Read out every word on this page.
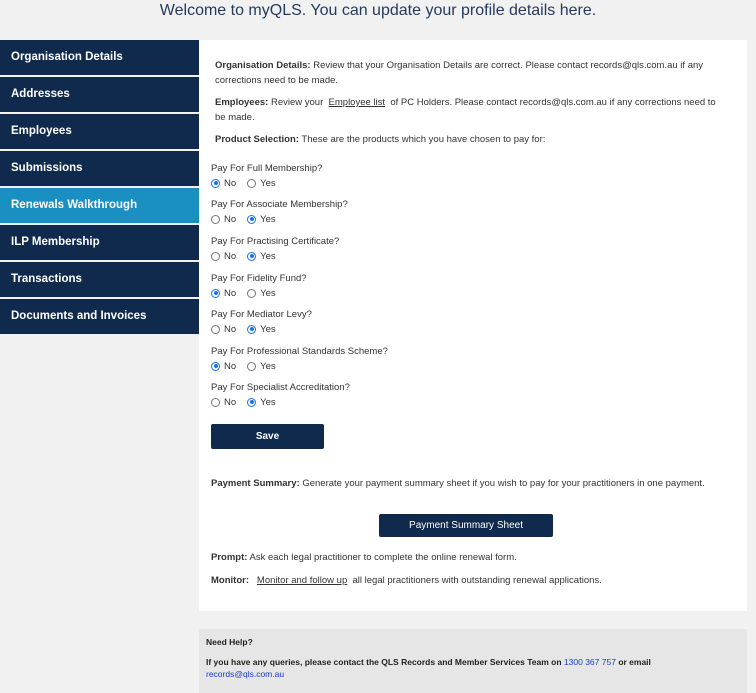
Welcome to myQLS. You can update your profile details here.
Organisation Details
Addresses
Employees
Submissions
Renewals Walkthrough
ILP Membership
Transactions
Documents and Invoices
Organisation Details: Review that your Organisation Details are correct. Please contact records@qls.com.au if any corrections need to be made.
Employees: Review your Employee list of PC Holders. Please contact records@qls.com.au if any corrections need to be made.
Product Selection: These are the products which you have chosen to pay for:
Pay For Full Membership?
No	Yes
Pay For Associate Membership?
No	Yes
Pay For Practising Certificate?
No	Yes
Pay For Fidelity Fund?
No	Yes
Pay For Mediator Levy?
No	Yes
Pay For Professional Standards Scheme?
No	Yes
Pay For Specialist Accreditation?
No	Yes
Save
Payment Summary: Generate your payment summary sheet if you wish to pay for your practitioners in one payment.
Payment Summary Sheet
Prompt: Ask each legal practitioner to complete the online renewal form.
Monitor: Monitor and follow up all legal practitioners with outstanding renewal applications.
Need Help?
If you have any queries, please contact the QLS Records and Member Services Team on 1300 367 757 or email
records@qls.com.au
